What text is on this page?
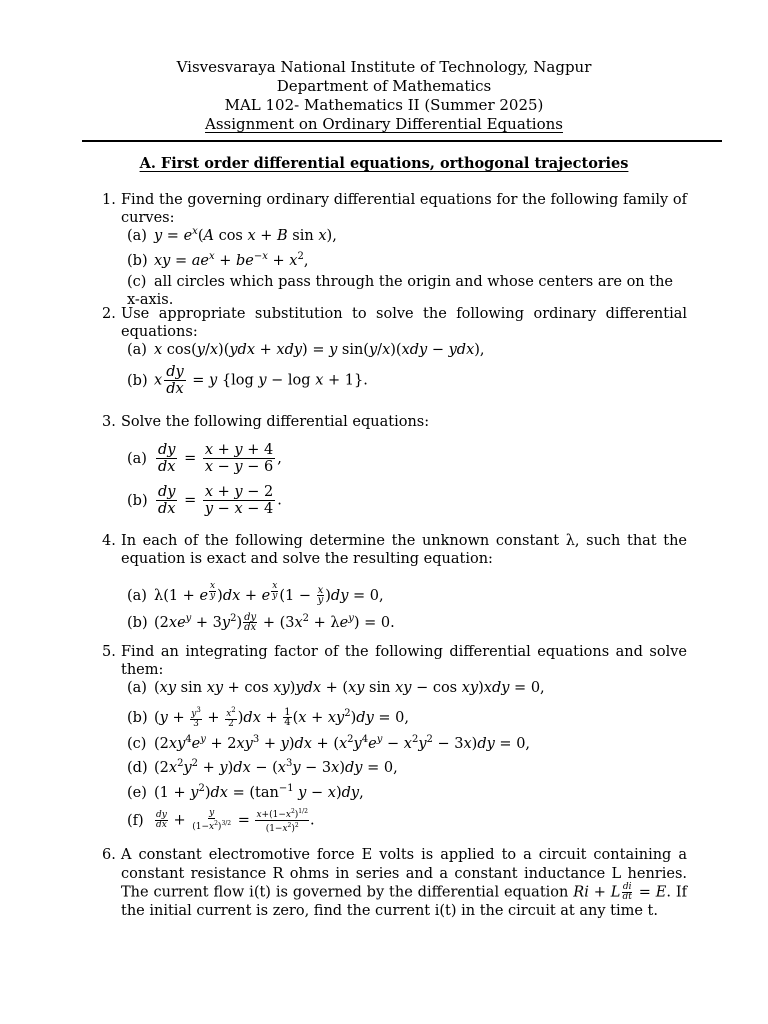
Visvesvaraya National Institute of Technology, Nagpur
Department of Mathematics
MAL 102- Mathematics II (Summer 2025)
Assignment on Ordinary Differential Equations
A. First order differential equations, orthogonal trajectories
1. Find the governing ordinary differential equations for the following family of curves:
(a) $y = e^x(A$ cos x + B sin x),
(b) xy = $ae^x + be^{-x} + x^2$,
(c) all circles which pass through the origin and whose centers are on the x-axis.
2. Use appropriate substitution to solve the following ordinary differential equations:
(a) x cos(y/x)(ydx + xdy) = y sin(y/x)(xdy − ydx),
(b) x $\frac{dy}{dx} = y$ {log y − log x + 1}.
3. Solve the following differential equations:
$(a) \frac{dy}{dx} = \frac{x + y + 4}{x - y - 6}$ ,
$(b) \frac{dy}{dx} = \frac{x + y - 2}{y - x - 4}$ .
4. In each of the following determine the unknown constant λ, such that the equation is exact and solve the resulting equation:
(a) λ(1 + e $^{\frac{x}{y}}$ )dx + e $^{\frac{x}{y}}$ $(1 - \frac{x}{y} )dy = 0$,
(b) $(2xe^y + 3y^2) \frac{dy}{dx} + (3x^2 + \lambda e^y) = 0$.
5. Find an integrating factor of the following differential equations and solve them:
(a) (xy sin xy + cos xy)ydx + (xy sin xy − cos xy)xdy = 0,
(b) $(y + \frac{y^3}{3} + \frac{x^2}{2} )dx + \frac{1}{4} (x + xy^2)dy = 0$,
(c) $(2xy^4e^y + 2xy^3 + y)dx + (x^2y^4e^y - x^2y^2 - 3x)dy = 0$,
(d) $(2x^2y^2 + y)dx - (x^3y - 3x)dy = 0$,
(e) $(1 + y^2)dx = (\tan^{-1}$ y − x)dy,
$(f) \frac{dy}{dx} + \frac{y}{(1-x^2)^{3/2}} = \frac{x+(1-x^2)^{1/2}}{(1-x^2)^2}$ .
6. A constant electromotive force E volts is applied to a circuit containing a constant resistance R ohms in series and a constant inductance L henries. The current flow i(t) is governed by the differential equation Ri + L $\frac{di}{dt} = E$. If the initial current is zero, find the current i(t) in the circuit at any time t.
